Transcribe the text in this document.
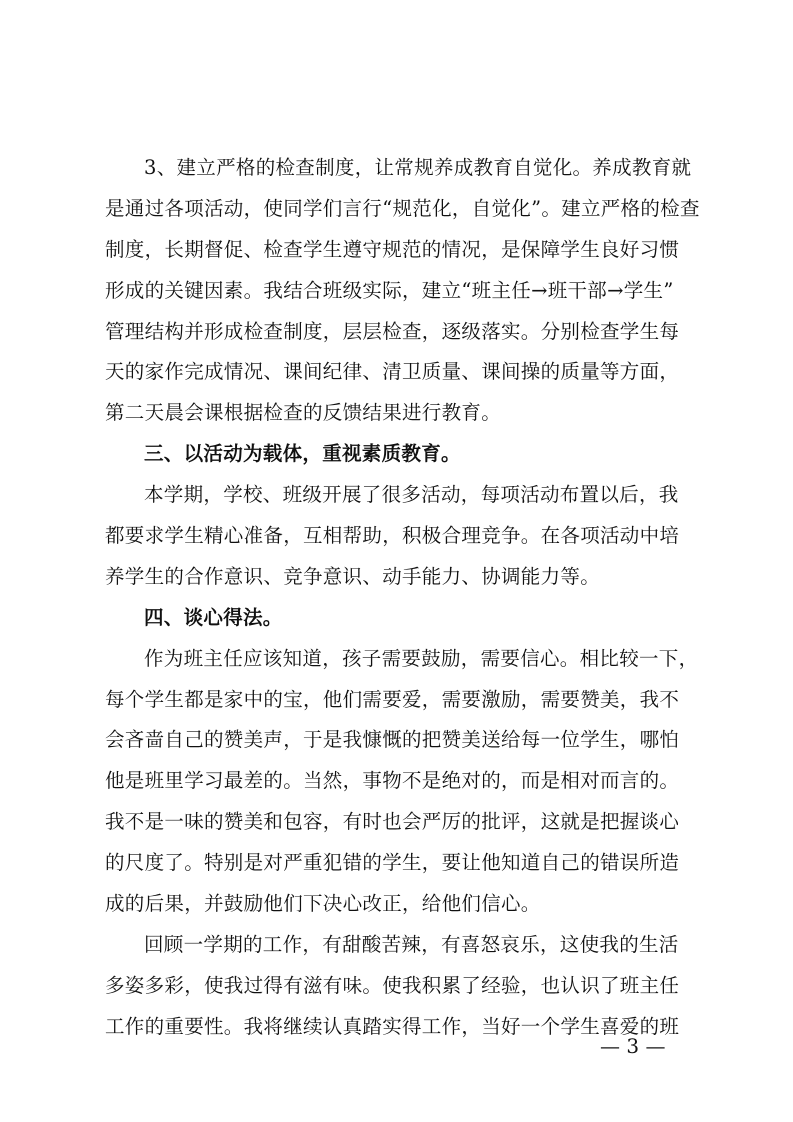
3、建立严格的检查制度，让常规养成教育自觉化。养成教育就
是通过各项活动，使同学们言行“规范化，自觉化”。建立严格的检查
制度，长期督促、检查学生遵守规范的情况，是保障学生良好习惯
形成的关键因素。我结合班级实际，建立“班主任→班干部→学生”
管理结构并形成检查制度，层层检查，逐级落实。分别检查学生每
天的家作完成情况、课间纪律、清卫质量、课间操的质量等方面，
第二天晨会课根据检查的反馈结果进行教育。
三、以活动为载体，重视素质教育。
本学期，学校、班级开展了很多活动，每项活动布置以后，我
都要求学生精心准备，互相帮助，积极合理竞争。在各项活动中培
养学生的合作意识、竞争意识、动手能力、协调能力等。
四、谈心得法。
作为班主任应该知道，孩子需要鼓励，需要信心。相比较一下，
每个学生都是家中的宝，他们需要爱，需要激励，需要赞美，我不
会吝啬自己的赞美声，于是我慷慨的把赞美送给每一位学生，哪怕
他是班里学习最差的。当然，事物不是绝对的，而是相对而言的。
我不是一味的赞美和包容，有时也会严厉的批评，这就是把握谈心
的尺度了。特别是对严重犯错的学生，要让他知道自己的错误所造
成的后果，并鼓励他们下决心改正，给他们信心。
回顾一学期的工作，有甜酸苦辣，有喜怒哀乐，这使我的生活
多姿多彩，使我过得有滋有味。使我积累了经验，也认识了班主任
工作的重要性。我将继续认真踏实得工作，当好一个学生喜爱的班
— 3 —
